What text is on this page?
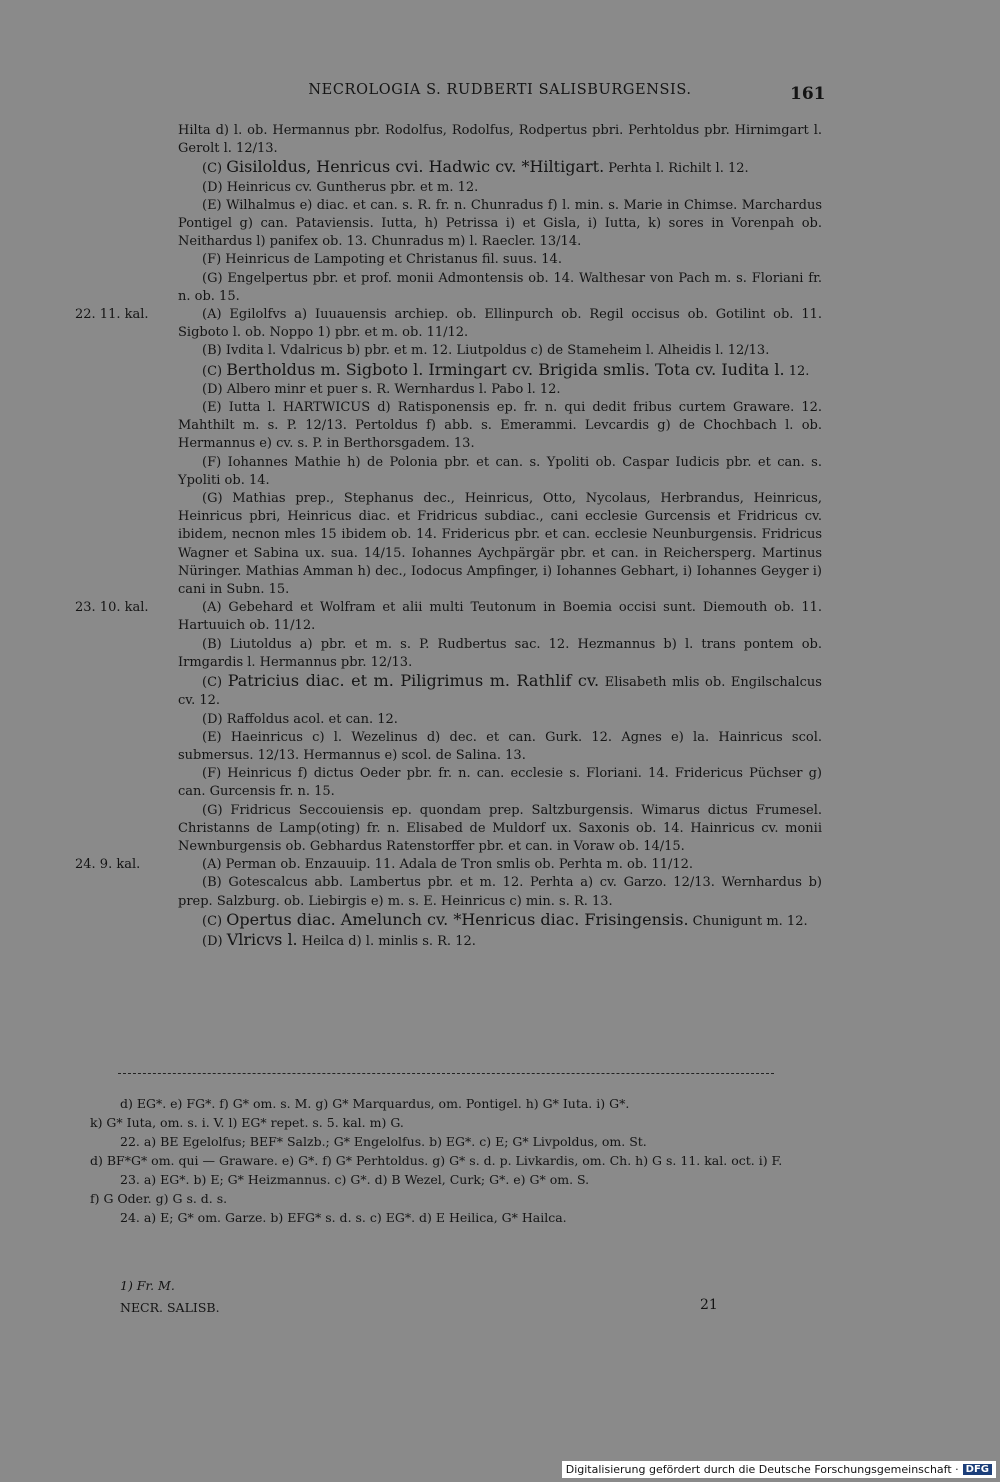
NECROLOGIA S. RUDBERTI SALISBURGENSIS.	161

Hilta d) l. ob. Hermannus pbr. Rodolfus, Rodolfus, Rodpertus pbri. Perhtoldus pbr. Hirnimgart l. Gerolt l. 12/13.

(C) Gisiloldus, Henricus cvi. Hadwic cv. *Hiltigart. Perhta l. Richilt l. 12.

(D) Heinricus cv. Guntherus pbr. et m. 12.

(E) Wilhalmus e) diac. et can. s. R. fr. n. Chunradus f) l. min. s. Marie in Chimse. Marchardus Pontigel g) can. Pataviensis. Iutta, h) Petrissa i) et Gisla, i) Iutta, k) sores in Vorenpah ob. Neithardus l) panifex ob. 13. Chunradus m) l. Raecler. 13/14.

(F) Heinricus de Lampoting et Christanus fil. suus. 14.

(G) Engelpertus pbr. et prof. monii Admontensis ob. 14. Walthesar von Pach m. s. Floriani fr. n. ob. 15.

22. 11. kal.	(A) Egilolfvs a) Iuuauensis archiep. ob. Ellinpurch ob. Regil occisus ob. Gotilint ob. 11. Sigboto l. ob. Noppo 1) pbr. et m. ob. 11/12.

(B) Ivdita l. Vdalricus b) pbr. et m. 12. Liutpoldus c) de Stameheim l. Alheidis l. 12/13.

(C) Bertholdus m. Sigboto l. Irmingart cv. Brigida smlis. Tota cv. Iudita l. 12.

(D) Albero minr et puer s. R. Wernhardus l. Pabo l. 12.

(E) Iutta l. HARTWICUS d) Ratisponensis ep. fr. n. qui dedit fribus curtem Graware. 12. Mahthilt m. s. P. 12/13. Pertoldus f) abb. s. Emerammi. Levcardis g) de Chochbach l. ob. Hermannus e) cv. s. P. in Berthorsgadem. 13.

(F) Iohannes Mathie h) de Polonia pbr. et can. s. Ypoliti ob. Caspar Iudicis pbr. et can. s. Ypoliti ob. 14.

(G) Mathias prep., Stephanus dec., Heinricus, Otto, Nycolaus, Herbrandus, Heinricus, Heinricus pbri, Heinricus diac. et Fridricus subdiac., cani ecclesie Gurcensis et Fridricus cv. ibidem, necnon mles 15 ibidem ob. 14. Fridericus pbr. et can. ecclesie Neunburgensis. Fridricus Wagner et Sabina ux. sua. 14/15. Iohannes Aychpärgär pbr. et can. in Reichersperg. Martinus Nüringer. Mathias Amman h) dec., Iodocus Ampfinger, i) Iohannes Gebhart, i) Iohannes Geyger i) cani in Subn. 15.

23. 10. kal.	(A) Gebehard et Wolfram et alii multi Teutonum in Boemia occisi sunt. Diemouth ob. 11. Hartuuich ob. 11/12.

(B) Liutoldus a) pbr. et m. s. P. Rudbertus sac. 12. Hezmannus b) l. trans pontem ob. Irmgardis l. Hermannus pbr. 12/13.

(C) Patricius diac. et m. Piligrimus m. Rathlif cv. Elisabeth mlis ob. Engilschalcus cv. 12.

(D) Raffoldus acol. et can. 12.

(E) Haeinricus c) l. Wezelinus d) dec. et can. Gurk. 12. Agnes e) la. Hainricus scol. submersus. 12/13. Hermannus e) scol. de Salina. 13.

(F) Heinricus f) dictus Oeder pbr. fr. n. can. ecclesie s. Floriani. 14. Fridericus Püchser g) can. Gurcensis fr. n. 15.

(G) Fridricus Seccouiensis ep. quondam prep. Saltzburgensis. Wimarus dictus Frumesel. Christanns de Lamp(oting) fr. n. Elisabed de Muldorf ux. Saxonis ob. 14. Hainricus cv. monii Newnburgensis ob. Gebhardus Ratenstorffer pbr. et can. in Voraw ob. 14/15.

24. 9. kal.	(A) Perman ob. Enzauuip. 11. Adala de Tron smlis ob. Perhta m. ob. 11/12.

(B) Gotescalcus abb. Lambertus pbr. et m. 12. Perhta a) cv. Garzo. 12/13. Wernhardus b) prep. Salzburg. ob. Liebirgis e) m. s. E. Heinricus c) min. s. R. 13.

(C) Opertus diac. Amelunch cv. *Henricus diac. Frisingensis. Chunigunt m. 12.

(D) Vlricvs l. Heilca d) l. minlis s. R. 12.

d) EG*. e) FG*. f) G* om. s. M. g) G* Marquardus, om. Pontigel. h) G* Iuta. i) G*.

k) G* Iuta, om. s. i. V. l) EG* repet. s. 5. kal. m) G.

22. a) BE Egelolfus; BEF* Salzb.; G* Engelolfus. b) EG*. c) E; G* Livpoldus, om. St.

d) BF*G* om. qui — Graware. e) G*. f) G* Perhtoldus. g) G* s. d. p. Livkardis, om. Ch. h) G s. 11. kal. oct. i) F.

23. a) EG*. b) E; G* Heizmannus. c) G*. d) B Wezel, Curk; G*. e) G* om. S.

f) G Oder. g) G s. d. s.

24. a) E; G* om. Garze. b) EFG* s. d. s. c) EG*. d) E Heilica, G* Hailca.

1) Fr. M.
NECR. SALISB.	21
Digitalisierung gefördert durch die Deutsche Forschungsgemeinschaft · DFG
